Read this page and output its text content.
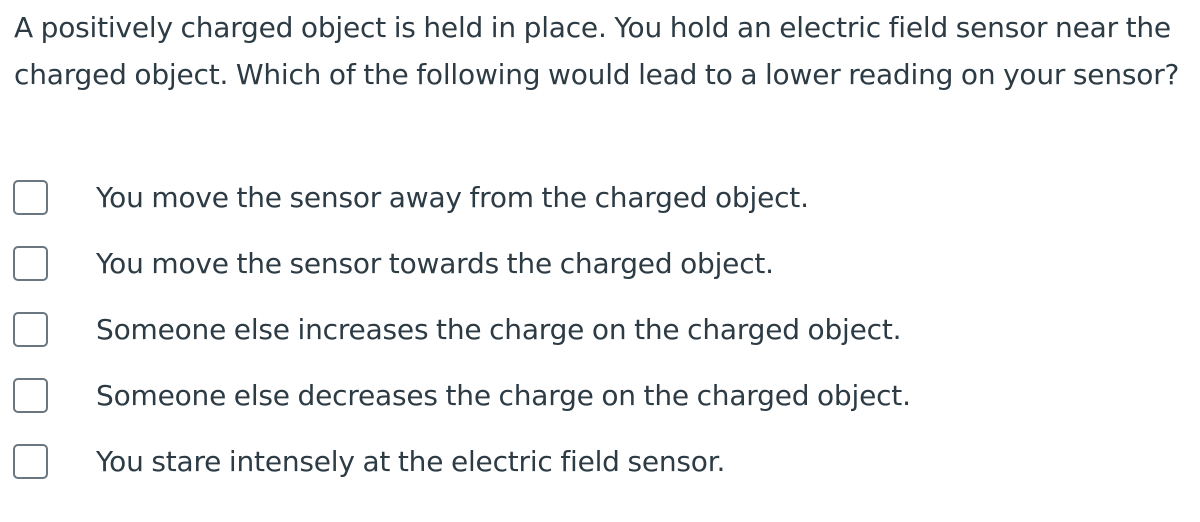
A positively charged object is held in place. You hold an electric field sensor near the charged object. Which of the following would lead to a lower reading on your sensor?

You move the sensor away from the charged object.
You move the sensor towards the charged object.
Someone else increases the charge on the charged object.
Someone else decreases the charge on the charged object.
You stare intensely at the electric field sensor.
